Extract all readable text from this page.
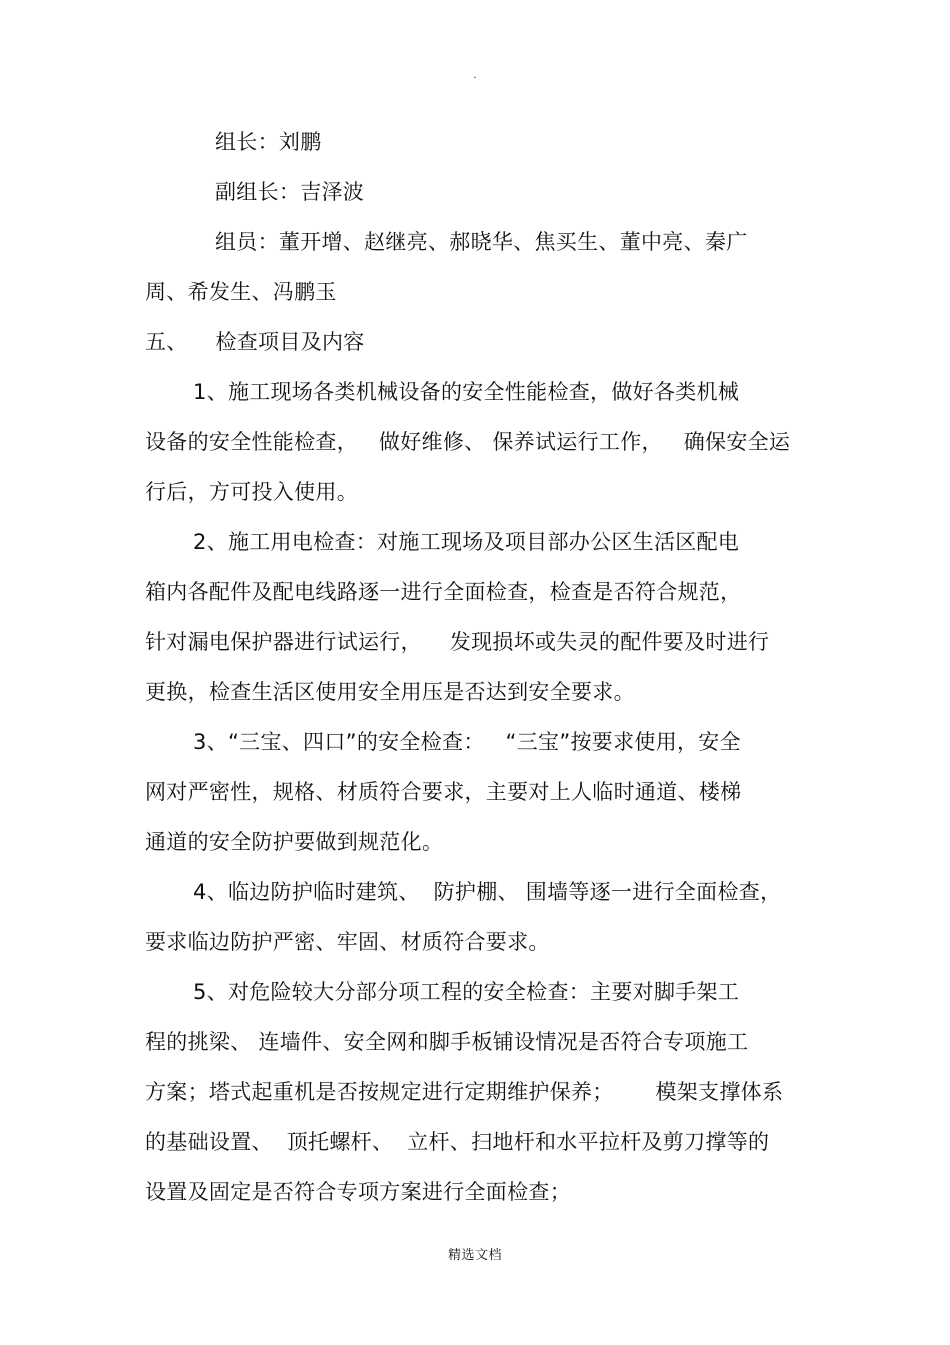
.
组长：刘鹏
副组长：吉泽波
组员：董开增、赵继亮、郝晓华、焦买生、董中亮、秦广
周、希发生、冯鹏玉
五、    检查项目及内容
1、施工现场各类机械设备的安全性能检查，做好各类机械
设备的安全性能检查，   做好维修、 保养试运行工作，   确保安全运
行后，方可投入使用。
2、施工用电检查：对施工现场及项目部办公区生活区配电
箱内各配件及配电线路逐一进行全面检查，检查是否符合规范，
针对漏电保护器进行试运行，    发现损坏或失灵的配件要及时进行
更换，检查生活区使用安全用压是否达到安全要求。
3、“三宝、四口”的安全检查：   “三宝”按要求使用，安全
网对严密性，规格、材质符合要求，主要对上人临时通道、楼梯
通道的安全防护要做到规范化。
4、临边防护临时建筑、  防护棚、 围墙等逐一进行全面检查，
要求临边防护严密、牢固、材质符合要求。
5、对危险较大分部分项工程的安全检查：主要对脚手架工
程的挑梁、 连墙件、安全网和脚手板铺设情况是否符合专项施工
方案；塔式起重机是否按规定进行定期维护保养；      模架支撑体系
的基础设置、  顶托螺杆、  立杆、扫地杆和水平拉杆及剪刀撑等的
设置及固定是否符合专项方案进行全面检查；
精选文档
